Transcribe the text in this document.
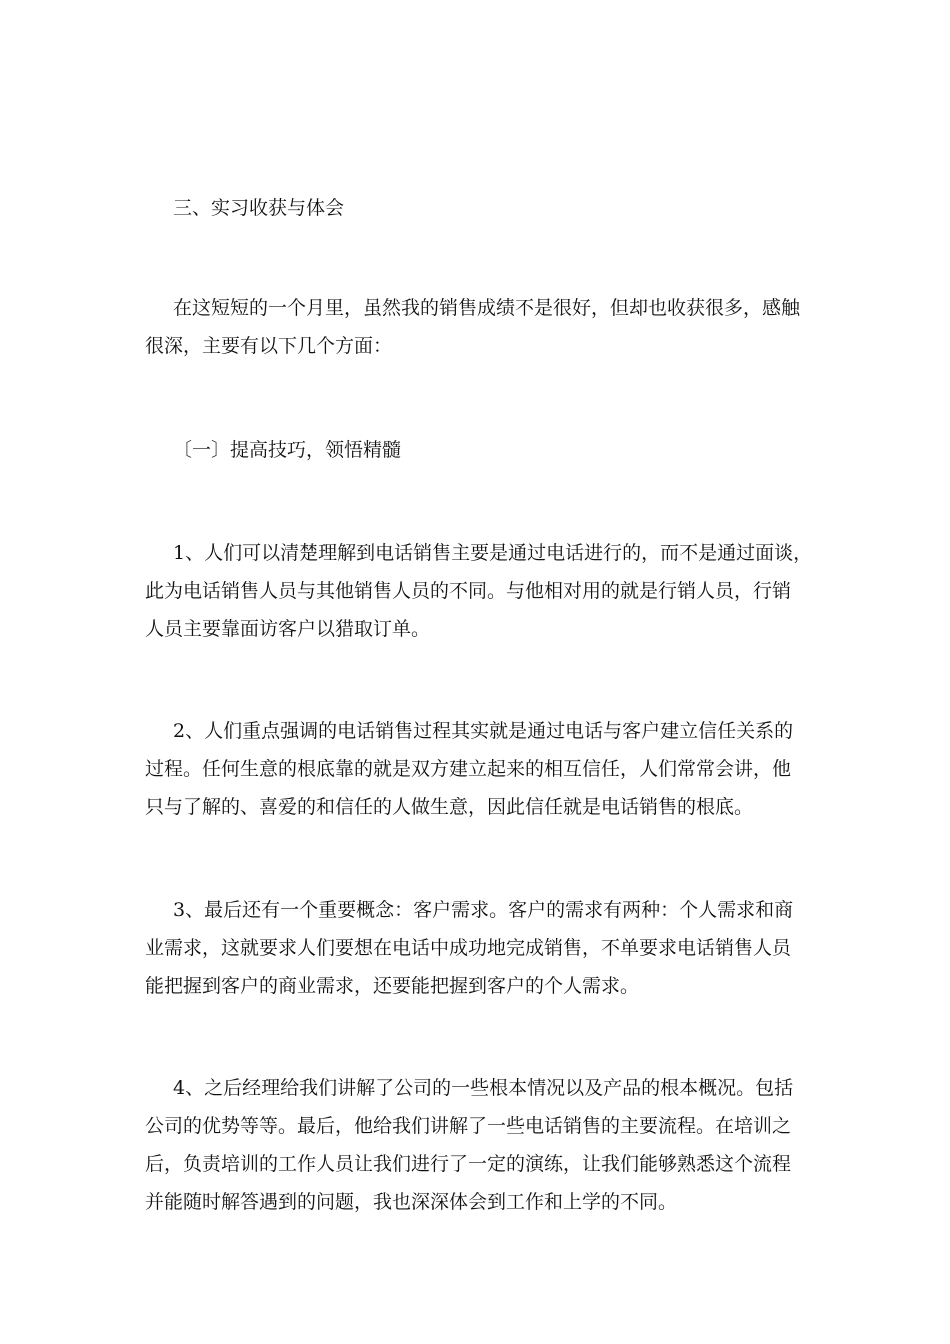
三、实习收获与体会
在这短短的一个月里，虽然我的销售成绩不是很好，但却也收获很多，感触
很深，主要有以下几个方面：
〔一〕提高技巧，领悟精髓
1、人们可以清楚理解到电话销售主要是通过电话进行的，而不是通过面谈，
此为电话销售人员与其他销售人员的不同。与他相对用的就是行销人员，行销
人员主要靠面访客户以猎取订单。
2、人们重点强调的电话销售过程其实就是通过电话与客户建立信任关系的
过程。任何生意的根底靠的就是双方建立起来的相互信任，人们常常会讲，他
只与了解的、喜爱的和信任的人做生意，因此信任就是电话销售的根底。
3、最后还有一个重要概念：客户需求。客户的需求有两种：个人需求和商
业需求，这就要求人们要想在电话中成功地完成销售，不单要求电话销售人员
能把握到客户的商业需求，还要能把握到客户的个人需求。
4、之后经理给我们讲解了公司的一些根本情况以及产品的根本概况。包括
公司的优势等等。最后，他给我们讲解了一些电话销售的主要流程。在培训之
后，负责培训的工作人员让我们进行了一定的演练，让我们能够熟悉这个流程
并能随时解答遇到的问题，我也深深体会到工作和上学的不同。
